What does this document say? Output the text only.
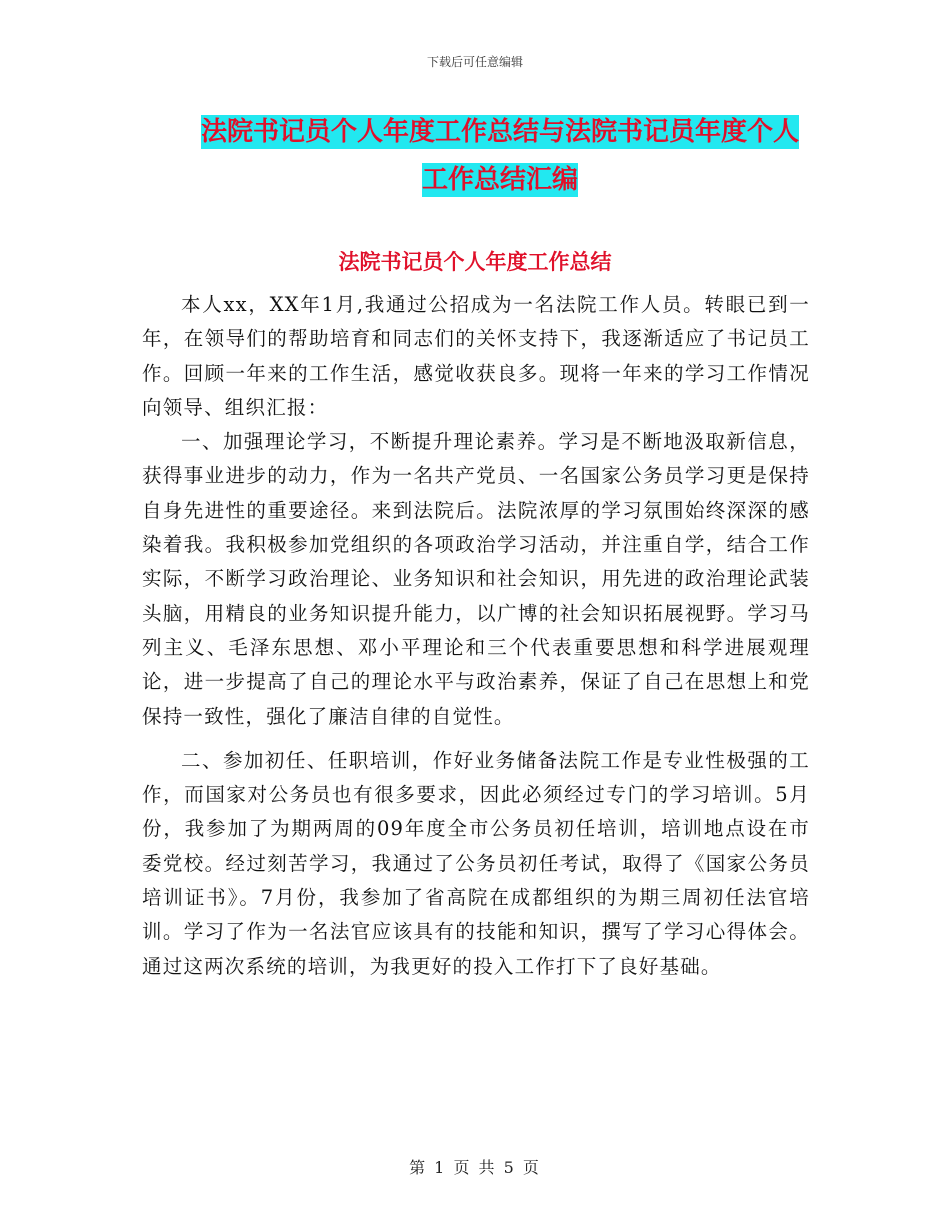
下载后可任意编辑
法院书记员个人年度工作总结与法院书记员年度个人工作总结汇编
法院书记员个人年度工作总结

本人xx，XX年1月,我通过公招成为一名法院工作人员。转眼已到一年，在领导们的帮助培育和同志们的关怀支持下，我逐渐适应了书记员工作。回顾一年来的工作生活，感觉收获良多。现将一年来的学习工作情况向领导、组织汇报：

一、加强理论学习，不断提升理论素养。学习是不断地汲取新信息，获得事业进步的动力，作为一名共产党员、一名国家公务员学习更是保持自身先进性的重要途径。来到法院后。法院浓厚的学习氛围始终深深的感染着我。我积极参加党组织的各项政治学习活动，并注重自学，结合工作实际，不断学习政治理论、业务知识和社会知识，用先进的政治理论武装头脑，用精良的业务知识提升能力，以广博的社会知识拓展视野。学习马列主义、毛泽东思想、邓小平理论和三个代表重要思想和科学进展观理论，进一步提高了自己的理论水平与政治素养，保证了自己在思想上和党保持一致性，强化了廉洁自律的自觉性。

二、参加初任、任职培训，作好业务储备法院工作是专业性极强的工作，而国家对公务员也有很多要求，因此必须经过专门的学习培训。5月份，我参加了为期两周的09年度全市公务员初任培训，培训地点设在市委党校。经过刻苦学习，我通过了公务员初任考试，取得了《国家公务员培训证书》。7月份，我参加了省高院在成都组织的为期三周初任法官培训。学习了作为一名法官应该具有的技能和知识，撰写了学习心得体会。通过这两次系统的培训，为我更好的投入工作打下了良好基础。

第 1 页 共 5 页
